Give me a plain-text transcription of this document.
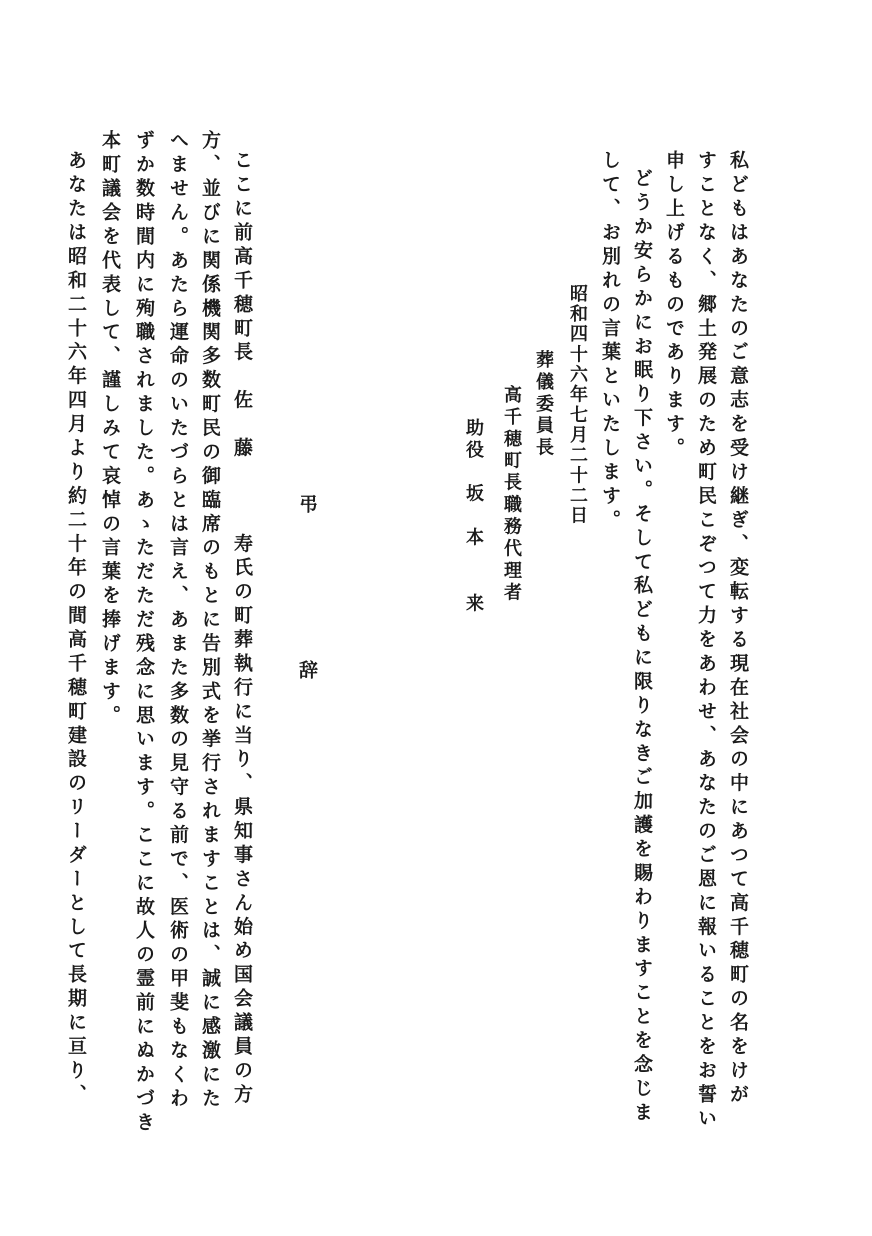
私どもはあなたのご意志を受け継ぎ、変転する現在社会の中にあつて高千穂町の名をけが
すことなく、郷土発展のため町民こぞつて力をあわせ、あなたのご恩に報いることをお誓い
申し上げるものであります。
どうか安らかにお眠り下さい。そして私どもに限りなきご加護を賜わりますことを念じま
して、お別れの言葉といたします。
昭和四十六年七月二十二日
葬儀委員長
高千穂町長職務代理者
助役　坂　本　　来
弔
辞
ここに前高千穂町長　佐　藤　　　寿氏の町葬執行に当り、県知事さん始め国会議員の方
方、並びに関係機関多数町民の御臨席のもとに告別式を挙行されますことは、誠に感激にた
へません。あたら運命のいたづらとは言え、あまた多数の見守る前で、医術の甲斐もなくわ
ずか数時間内に殉職されました。あゝただただ残念に思います。ここに故人の霊前にぬかづき
本町議会を代表して、謹しみて哀悼の言葉を捧げます。
あなたは昭和二十六年四月より約二十年の間高千穂町建設のリーダーとして長期に亘り、
